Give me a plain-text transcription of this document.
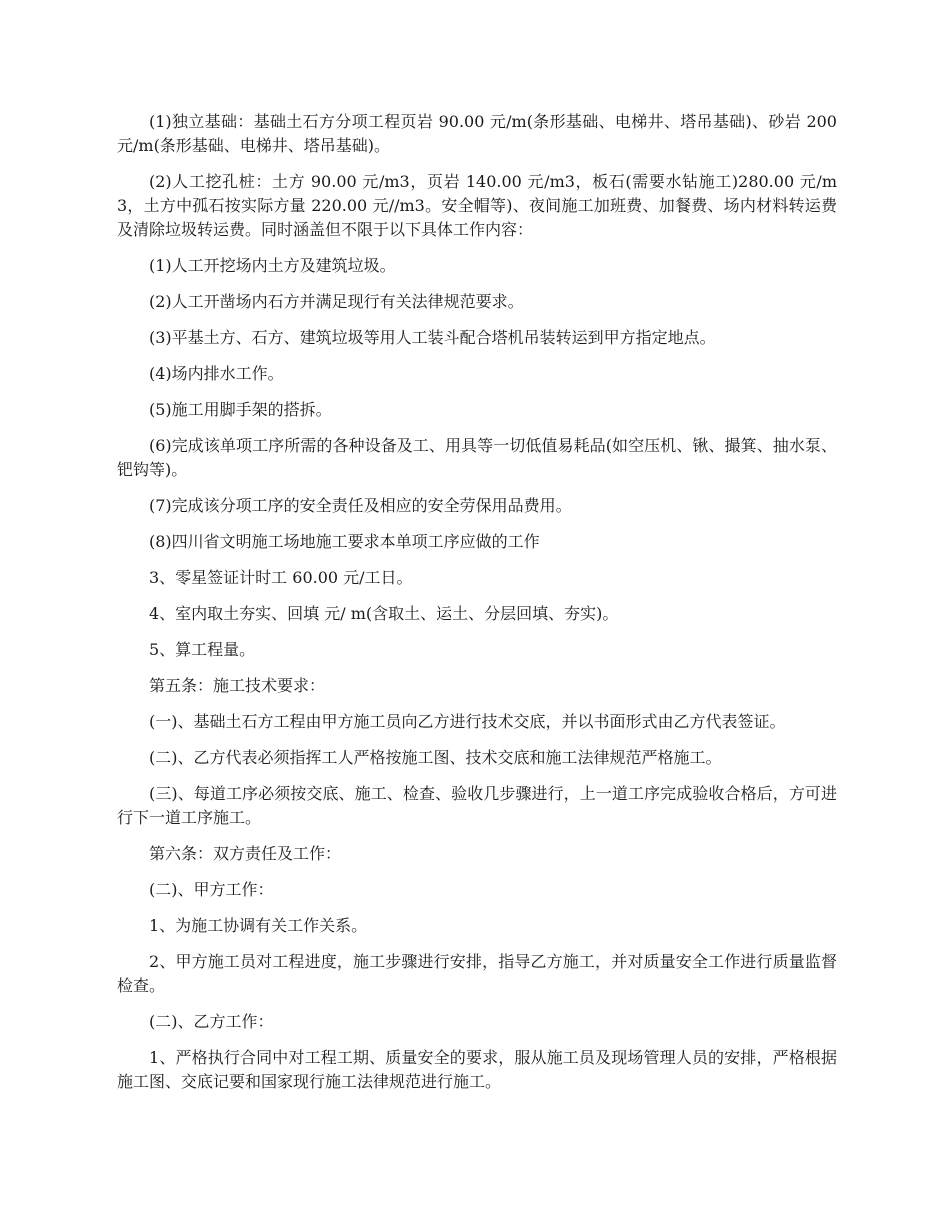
(1)独立基础：基础土石方分项工程页岩 90.00 元/m(条形基础、电梯井、塔吊基础)、砂岩 200 元/m(条形基础、电梯井、塔吊基础)。

(2)人工挖孔桩：土方 90.00 元/m3，页岩 140.00 元/m3，板石(需要水钻施工)280.00 元/m3，土方中孤石按实际方量 220.00 元//m3。安全帽等)、夜间施工加班费、加餐费、场内材料转运费及清除垃圾转运费。同时涵盖但不限于以下具体工作内容：

(1)人工开挖场内土方及建筑垃圾。

(2)人工开凿场内石方并满足现行有关法律规范要求。

(3)平基土方、石方、建筑垃圾等用人工装斗配合塔机吊装转运到甲方指定地点。

(4)场内排水工作。

(5)施工用脚手架的搭拆。

(6)完成该单项工序所需的各种设备及工、用具等一切低值易耗品(如空压机、锹、撮箕、抽水泵、钯钩等)。

(7)完成该分项工序的安全责任及相应的安全劳保用品费用。

(8)四川省文明施工场地施工要求本单项工序应做的工作

3、零星签证计时工 60.00 元/工日。

4、室内取土夯实、回填 元/ m(含取土、运土、分层回填、夯实)。

5、算工程量。

第五条：施工技术要求：

(一)、基础土石方工程由甲方施工员向乙方进行技术交底，并以书面形式由乙方代表签证。

(二)、乙方代表必须指挥工人严格按施工图、技术交底和施工法律规范严格施工。

(三)、每道工序必须按交底、施工、检查、验收几步骤进行，上一道工序完成验收合格后，方可进行下一道工序施工。

第六条：双方责任及工作：

(二)、甲方工作：

1、为施工协调有关工作关系。

2、甲方施工员对工程进度，施工步骤进行安排，指导乙方施工，并对质量安全工作进行质量监督检查。

(二)、乙方工作：

1、严格执行合同中对工程工期、质量安全的要求，服从施工员及现场管理人员的安排，严格根据施工图、交底记要和国家现行施工法律规范进行施工。
